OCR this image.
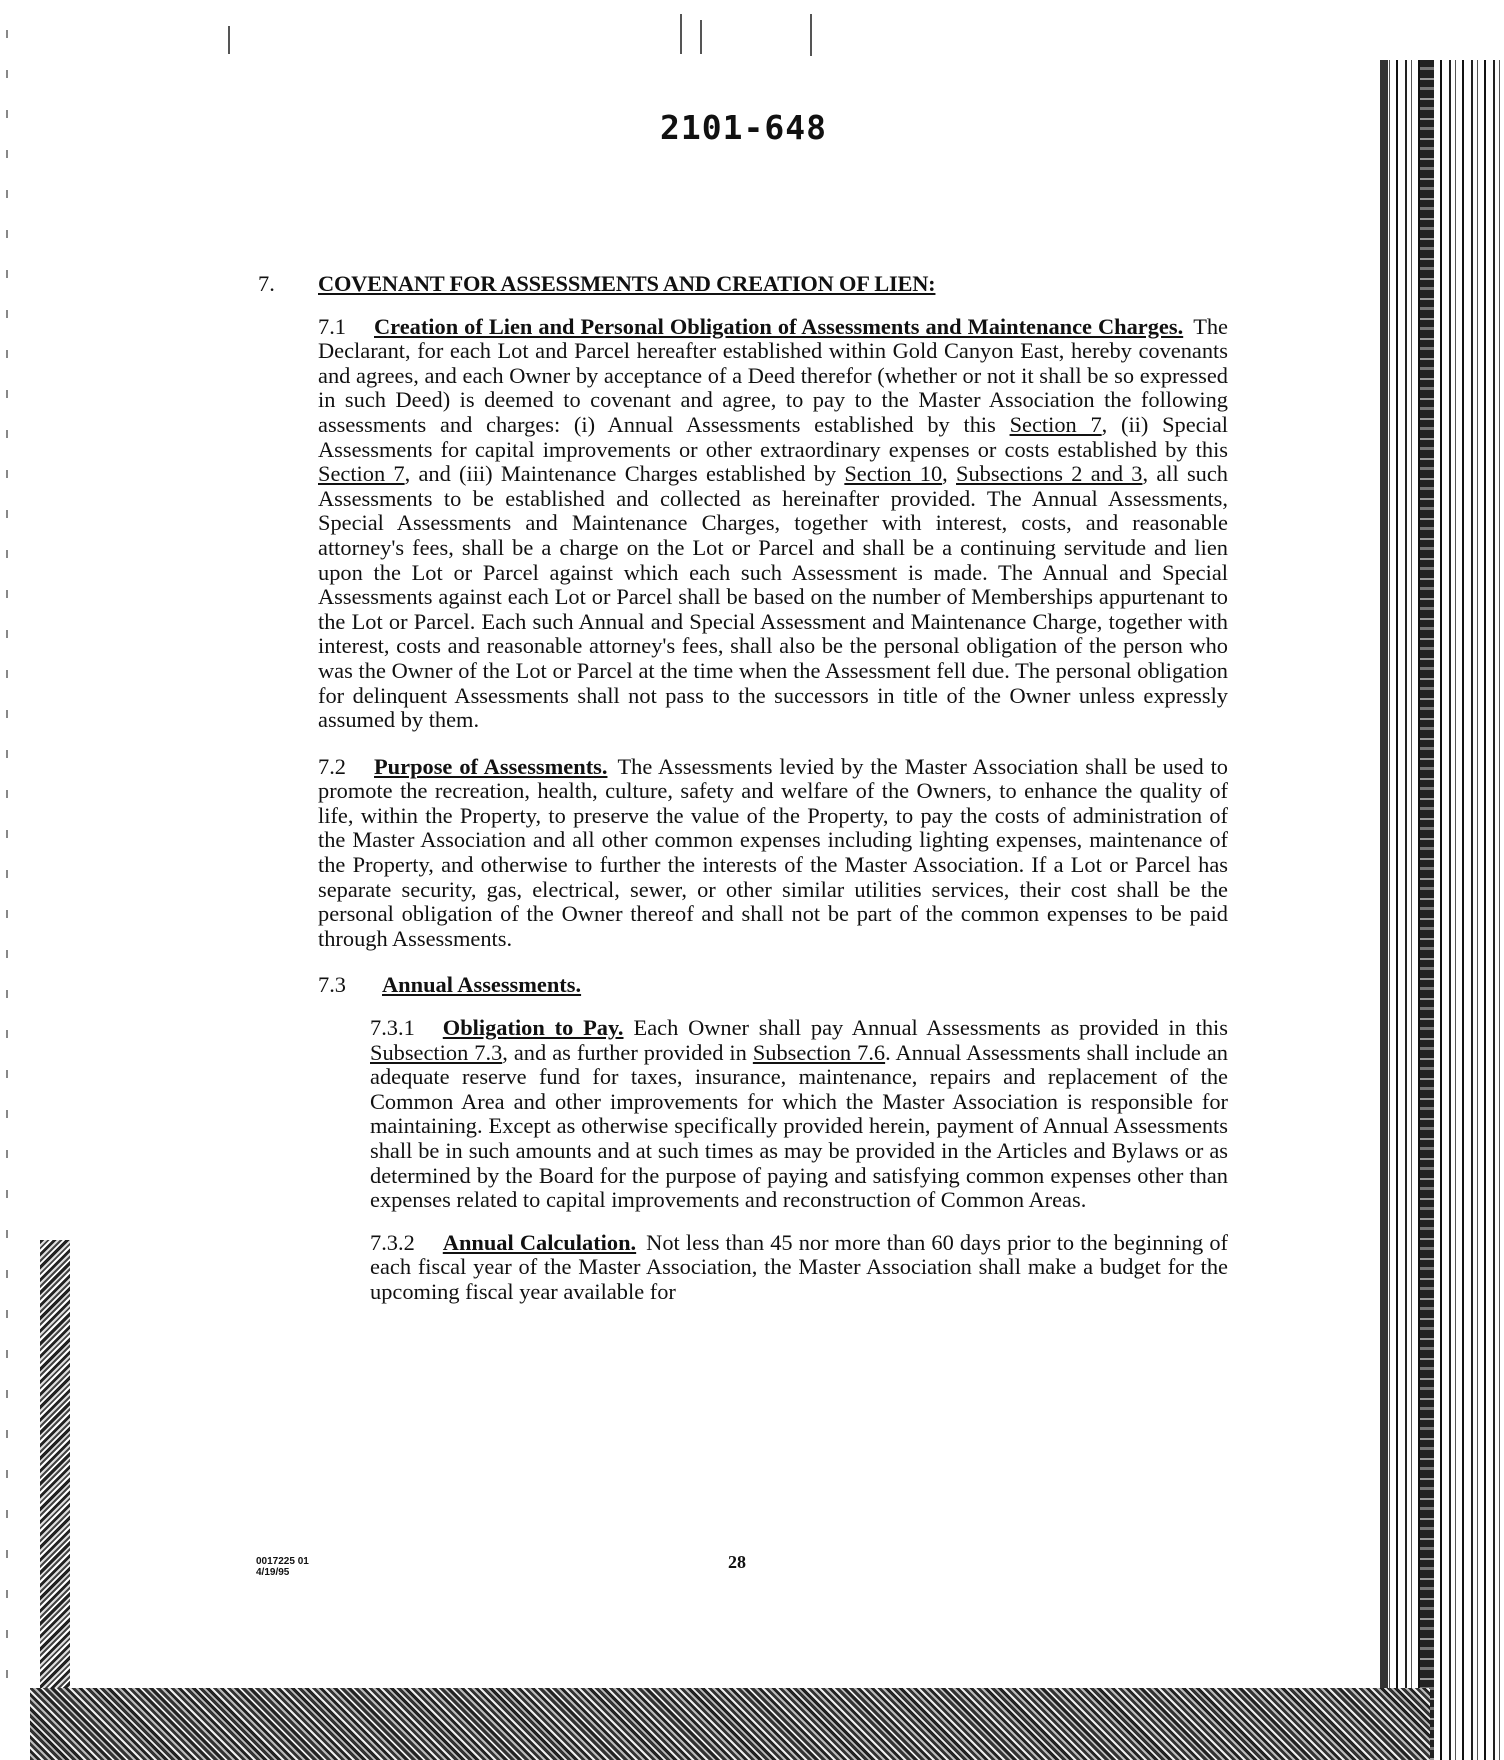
2101-648
7.	COVENANT FOR ASSESSMENTS AND CREATION OF LIEN:
7.1 Creation of Lien and Personal Obligation of Assessments and Maintenance Charges. The Declarant, for each Lot and Parcel hereafter established within Gold Canyon East, hereby covenants and agrees, and each Owner by acceptance of a Deed therefor (whether or not it shall be so expressed in such Deed) is deemed to covenant and agree, to pay to the Master Association the following assessments and charges: (i) Annual Assessments established by this Section 7, (ii) Special Assessments for capital improvements or other extraordinary expenses or costs established by this Section 7, and (iii) Maintenance Charges established by Section 10, Subsections 2 and 3, all such Assessments to be established and collected as hereinafter provided. The Annual Assessments, Special Assessments and Maintenance Charges, together with interest, costs, and reasonable attorney's fees, shall be a charge on the Lot or Parcel and shall be a continuing servitude and lien upon the Lot or Parcel against which each such Assessment is made. The Annual and Special Assessments against each Lot or Parcel shall be based on the number of Memberships appurtenant to the Lot or Parcel. Each such Annual and Special Assessment and Maintenance Charge, together with interest, costs and reasonable attorney's fees, shall also be the personal obligation of the person who was the Owner of the Lot or Parcel at the time when the Assessment fell due. The personal obligation for delinquent Assessments shall not pass to the successors in title of the Owner unless expressly assumed by them.
7.2 Purpose of Assessments. The Assessments levied by the Master Association shall be used to promote the recreation, health, culture, safety and welfare of the Owners, to enhance the quality of life, within the Property, to preserve the value of the Property, to pay the costs of administration of the Master Association and all other common expenses including lighting expenses, maintenance of the Property, and otherwise to further the interests of the Master Association. If a Lot or Parcel has separate security, gas, electrical, sewer, or other similar utilities services, their cost shall be the personal obligation of the Owner thereof and shall not be part of the common expenses to be paid through Assessments.
7.3 Annual Assessments.
7.3.1 Obligation to Pay. Each Owner shall pay Annual Assessments as provided in this Subsection 7.3, and as further provided in Subsection 7.6. Annual Assessments shall include an adequate reserve fund for taxes, insurance, maintenance, repairs and replacement of the Common Area and other improvements for which the Master Association is responsible for maintaining. Except as otherwise specifically provided herein, payment of Annual Assessments shall be in such amounts and at such times as may be provided in the Articles and Bylaws or as determined by the Board for the purpose of paying and satisfying common expenses other than expenses related to capital improvements and reconstruction of Common Areas.
7.3.2 Annual Calculation. Not less than 45 nor more than 60 days prior to the beginning of each fiscal year of the Master Association, the Master Association shall make a budget for the upcoming fiscal year available for
0017225 01
4/19/95
28
